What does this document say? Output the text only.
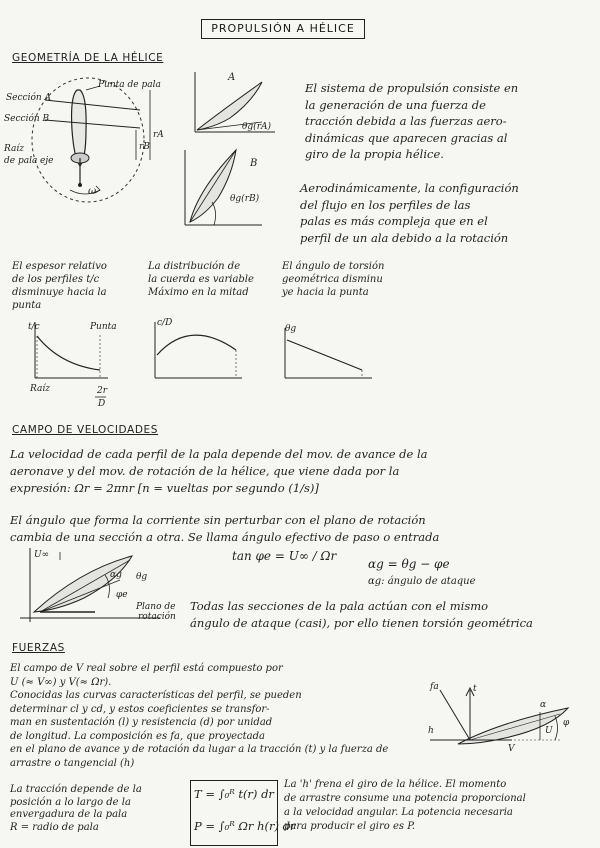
PROPULSIÓN A HÉLICE
GEOMETRÍA DE LA HÉLICE
Punta de pala
Sección A
Sección B
Raíz
de pala eje
ω
rA
rB
A
B
θg(rA)
θg(rB)
El sistema de propulsión consiste en
la generación de una fuerza de
tracción debida a las fuerzas aero-
dinámicas que aparecen gracias al
giro de la propia hélice.
Aerodinámicamente, la configuración
del flujo en los perfiles de las
palas es más compleja que en el
perfil de un ala debido a la rotación
El espesor relativo
de los perfiles t/c
disminuye hacia la
punta
La distribución de
la cuerda es variable
Máximo en la mitad
El ángulo de torsión
geométrica disminu
ye hacia la punta
t/c	Punta
Raíz	2r
D
c/D
θg
CAMPO DE VELOCIDADES
La velocidad de cada perfil de la pala depende del mov. de avance de la
aeronave y del mov. de rotación de la hélice, que viene dada por la
expresión: Ωr = 2πnr [n = vueltas por segundo (1/s)]
El ángulo que forma la corriente sin perturbar con el plano de rotación
cambia de una sección a otra. Se llama ángulo efectivo de paso o entrada
tan φe = U∞ / Ωr
αg = θg − φe
αg: ángulo de ataque
U∞
θg
αg
φe
Plano de
rotación
Todas las secciones de la pala actúan con el mismo
ángulo de ataque (casi), por ello tienen torsión geométrica
FUERZAS
El campo de V real sobre el perfil está compuesto por
U (≈ V∞) y V(≈ Ωr).
Conocidas las curvas características del perfil, se pueden
determinar cl y cd, y estos coeficientes se transfor-
man en sustentación (l) y resistencia (d) por unidad
de longitud. La composición es fa, que proyectada
en el plano de avance y de rotación da lugar a la tracción (t) y la fuerza de
arrastre o tangencial (h)
fa	t
h	U
V
φ
α
La tracción depende de la
posición a lo largo de la
envergadura de la pala
R = radio de pala
T = ∫₀ᴿ t(r) dr
P = ∫₀ᴿ Ωr h(r) dr
La 'h' frena el giro de la hélice. El momento
de arrastre consume una potencia proporcional
a la velocidad angular. La potencia necesaria
para producir el giro es P.
